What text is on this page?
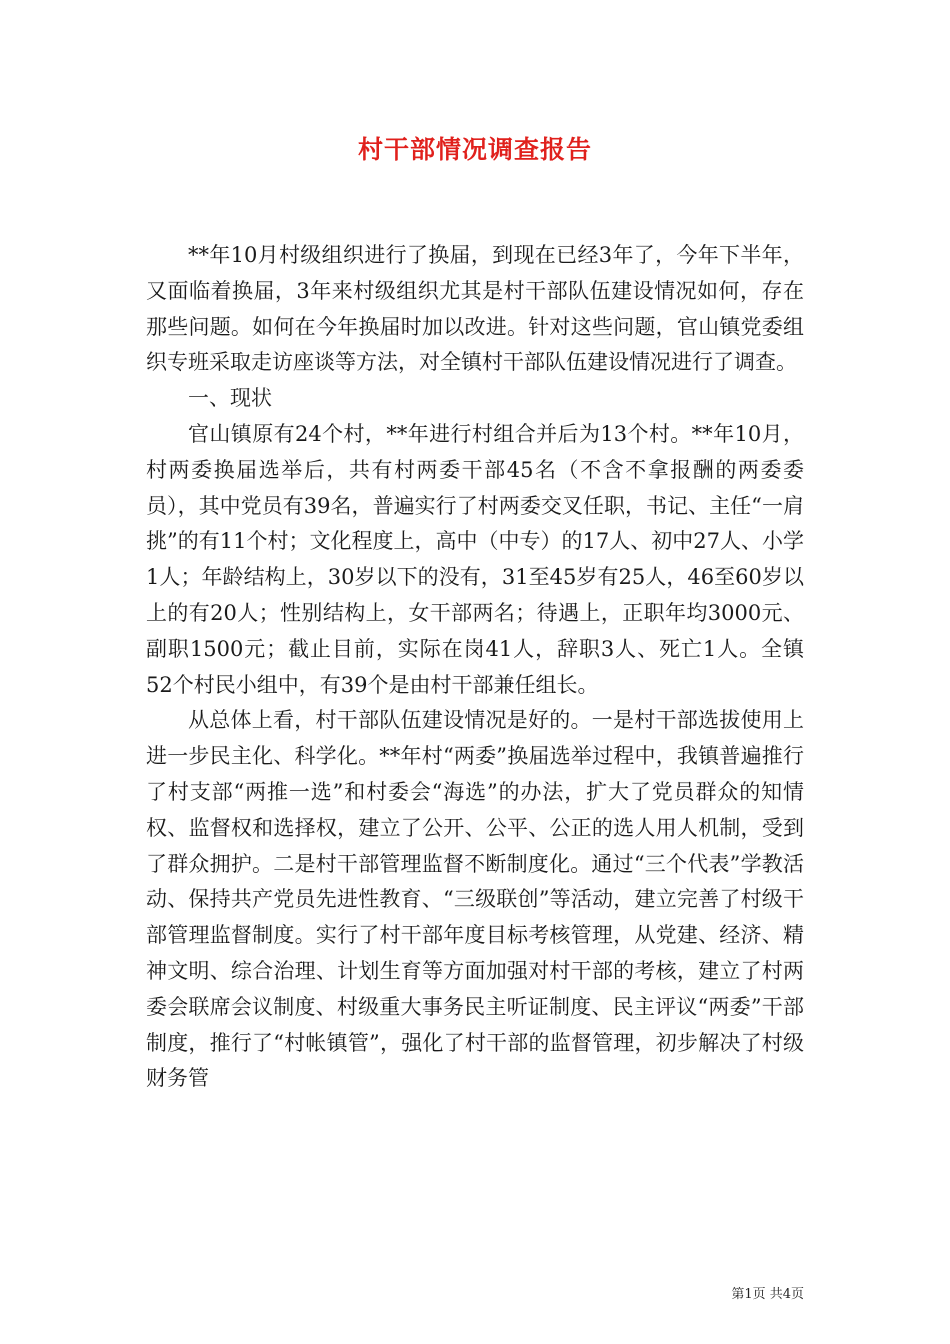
村干部情况调查报告

**年10月村级组织进行了换届，到现在已经3年了，今年下半年，又面临着换届，3年来村级组织尤其是村干部队伍建设情况如何，存在那些问题。如何在今年换届时加以改进。针对这些问题，官山镇党委组织专班采取走访座谈等方法，对全镇村干部队伍建设情况进行了调查。

一、现状

官山镇原有24个村，**年进行村组合并后为13个村。**年10月，村两委换届选举后，共有村两委干部45名（不含不拿报酬的两委委员），其中党员有39名，普遍实行了村两委交叉任职，书记、主任“一肩挑”的有11个村；文化程度上，高中（中专）的17人、初中27人、小学1人；年龄结构上，30岁以下的没有，31至45岁有25人，46至60岁以上的有20人；性别结构上，女干部两名；待遇上，正职年均3000元、副职1500元；截止目前，实际在岗41人，辞职3人、死亡1人。全镇52个村民小组中，有39个是由村干部兼任组长。

从总体上看，村干部队伍建设情况是好的。一是村干部选拔使用上进一步民主化、科学化。**年村“两委”换届选举过程中，我镇普遍推行了村支部“两推一选”和村委会“海选”的办法，扩大了党员群众的知情权、监督权和选择权，建立了公开、公平、公正的选人用人机制，受到了群众拥护。二是村干部管理监督不断制度化。通过“三个代表”学教活动、保持共产党员先进性教育、“三级联创”等活动，建立完善了村级干部管理监督制度。实行了村干部年度目标考核管理，从党建、经济、精神文明、综合治理、计划生育等方面加强对村干部的考核，建立了村两委会联席会议制度、村级重大事务民主听证制度、民主评议“两委”干部制度，推行了“村帐镇管”，强化了村干部的监督管理，初步解决了村级财务管

第1页 共4页
